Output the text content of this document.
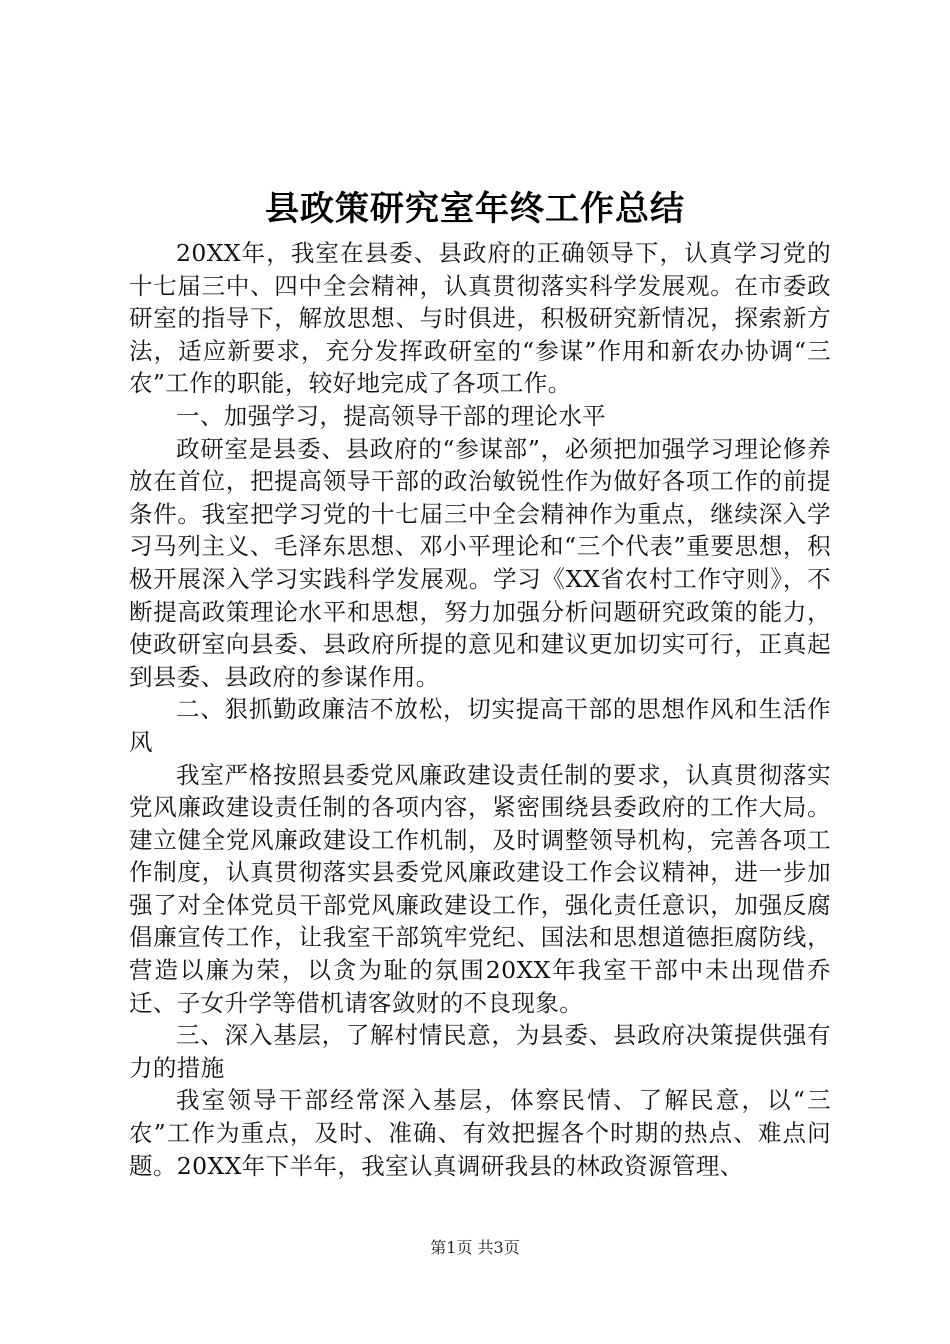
县政策研究室年终工作总结

20XX年，我室在县委、县政府的正确领导下，认真学习党的十七届三中、四中全会精神，认真贯彻落实科学发展观。在市委政研室的指导下，解放思想、与时俱进，积极研究新情况，探索新方法，适应新要求，充分发挥政研室的“参谋”作用和新农办协调“三农”工作的职能，较好地完成了各项工作。

一、加强学习，提高领导干部的理论水平

政研室是县委、县政府的“参谋部”，必须把加强学习理论修养放在首位，把提高领导干部的政治敏锐性作为做好各项工作的前提条件。我室把学习党的十七届三中全会精神作为重点，继续深入学习马列主义、毛泽东思想、邓小平理论和“三个代表”重要思想，积极开展深入学习实践科学发展观。学习《XX省农村工作守则》，不断提高政策理论水平和思想，努力加强分析问题研究政策的能力，使政研室向县委、县政府所提的意见和建议更加切实可行，正真起到县委、县政府的参谋作用。

二、狠抓勤政廉洁不放松，切实提高干部的思想作风和生活作风

我室严格按照县委党风廉政建设责任制的要求，认真贯彻落实党风廉政建设责任制的各项内容，紧密围绕县委政府的工作大局。建立健全党风廉政建设工作机制，及时调整领导机构，完善各项工作制度，认真贯彻落实县委党风廉政建设工作会议精神，进一步加强了对全体党员干部党风廉政建设工作，强化责任意识，加强反腐倡廉宣传工作，让我室干部筑牢党纪、国法和思想道德拒腐防线，营造以廉为荣，以贪为耻的氛围20XX年我室干部中未出现借乔迁、子女升学等借机请客敛财的不良现象。

三、深入基层，了解村情民意，为县委、县政府决策提供强有力的措施

我室领导干部经常深入基层，体察民情、了解民意，以“三农”工作为重点，及时、准确、有效把握各个时期的热点、难点问题。20XX年下半年，我室认真调研我县的林政资源管理、

第1页 共3页
